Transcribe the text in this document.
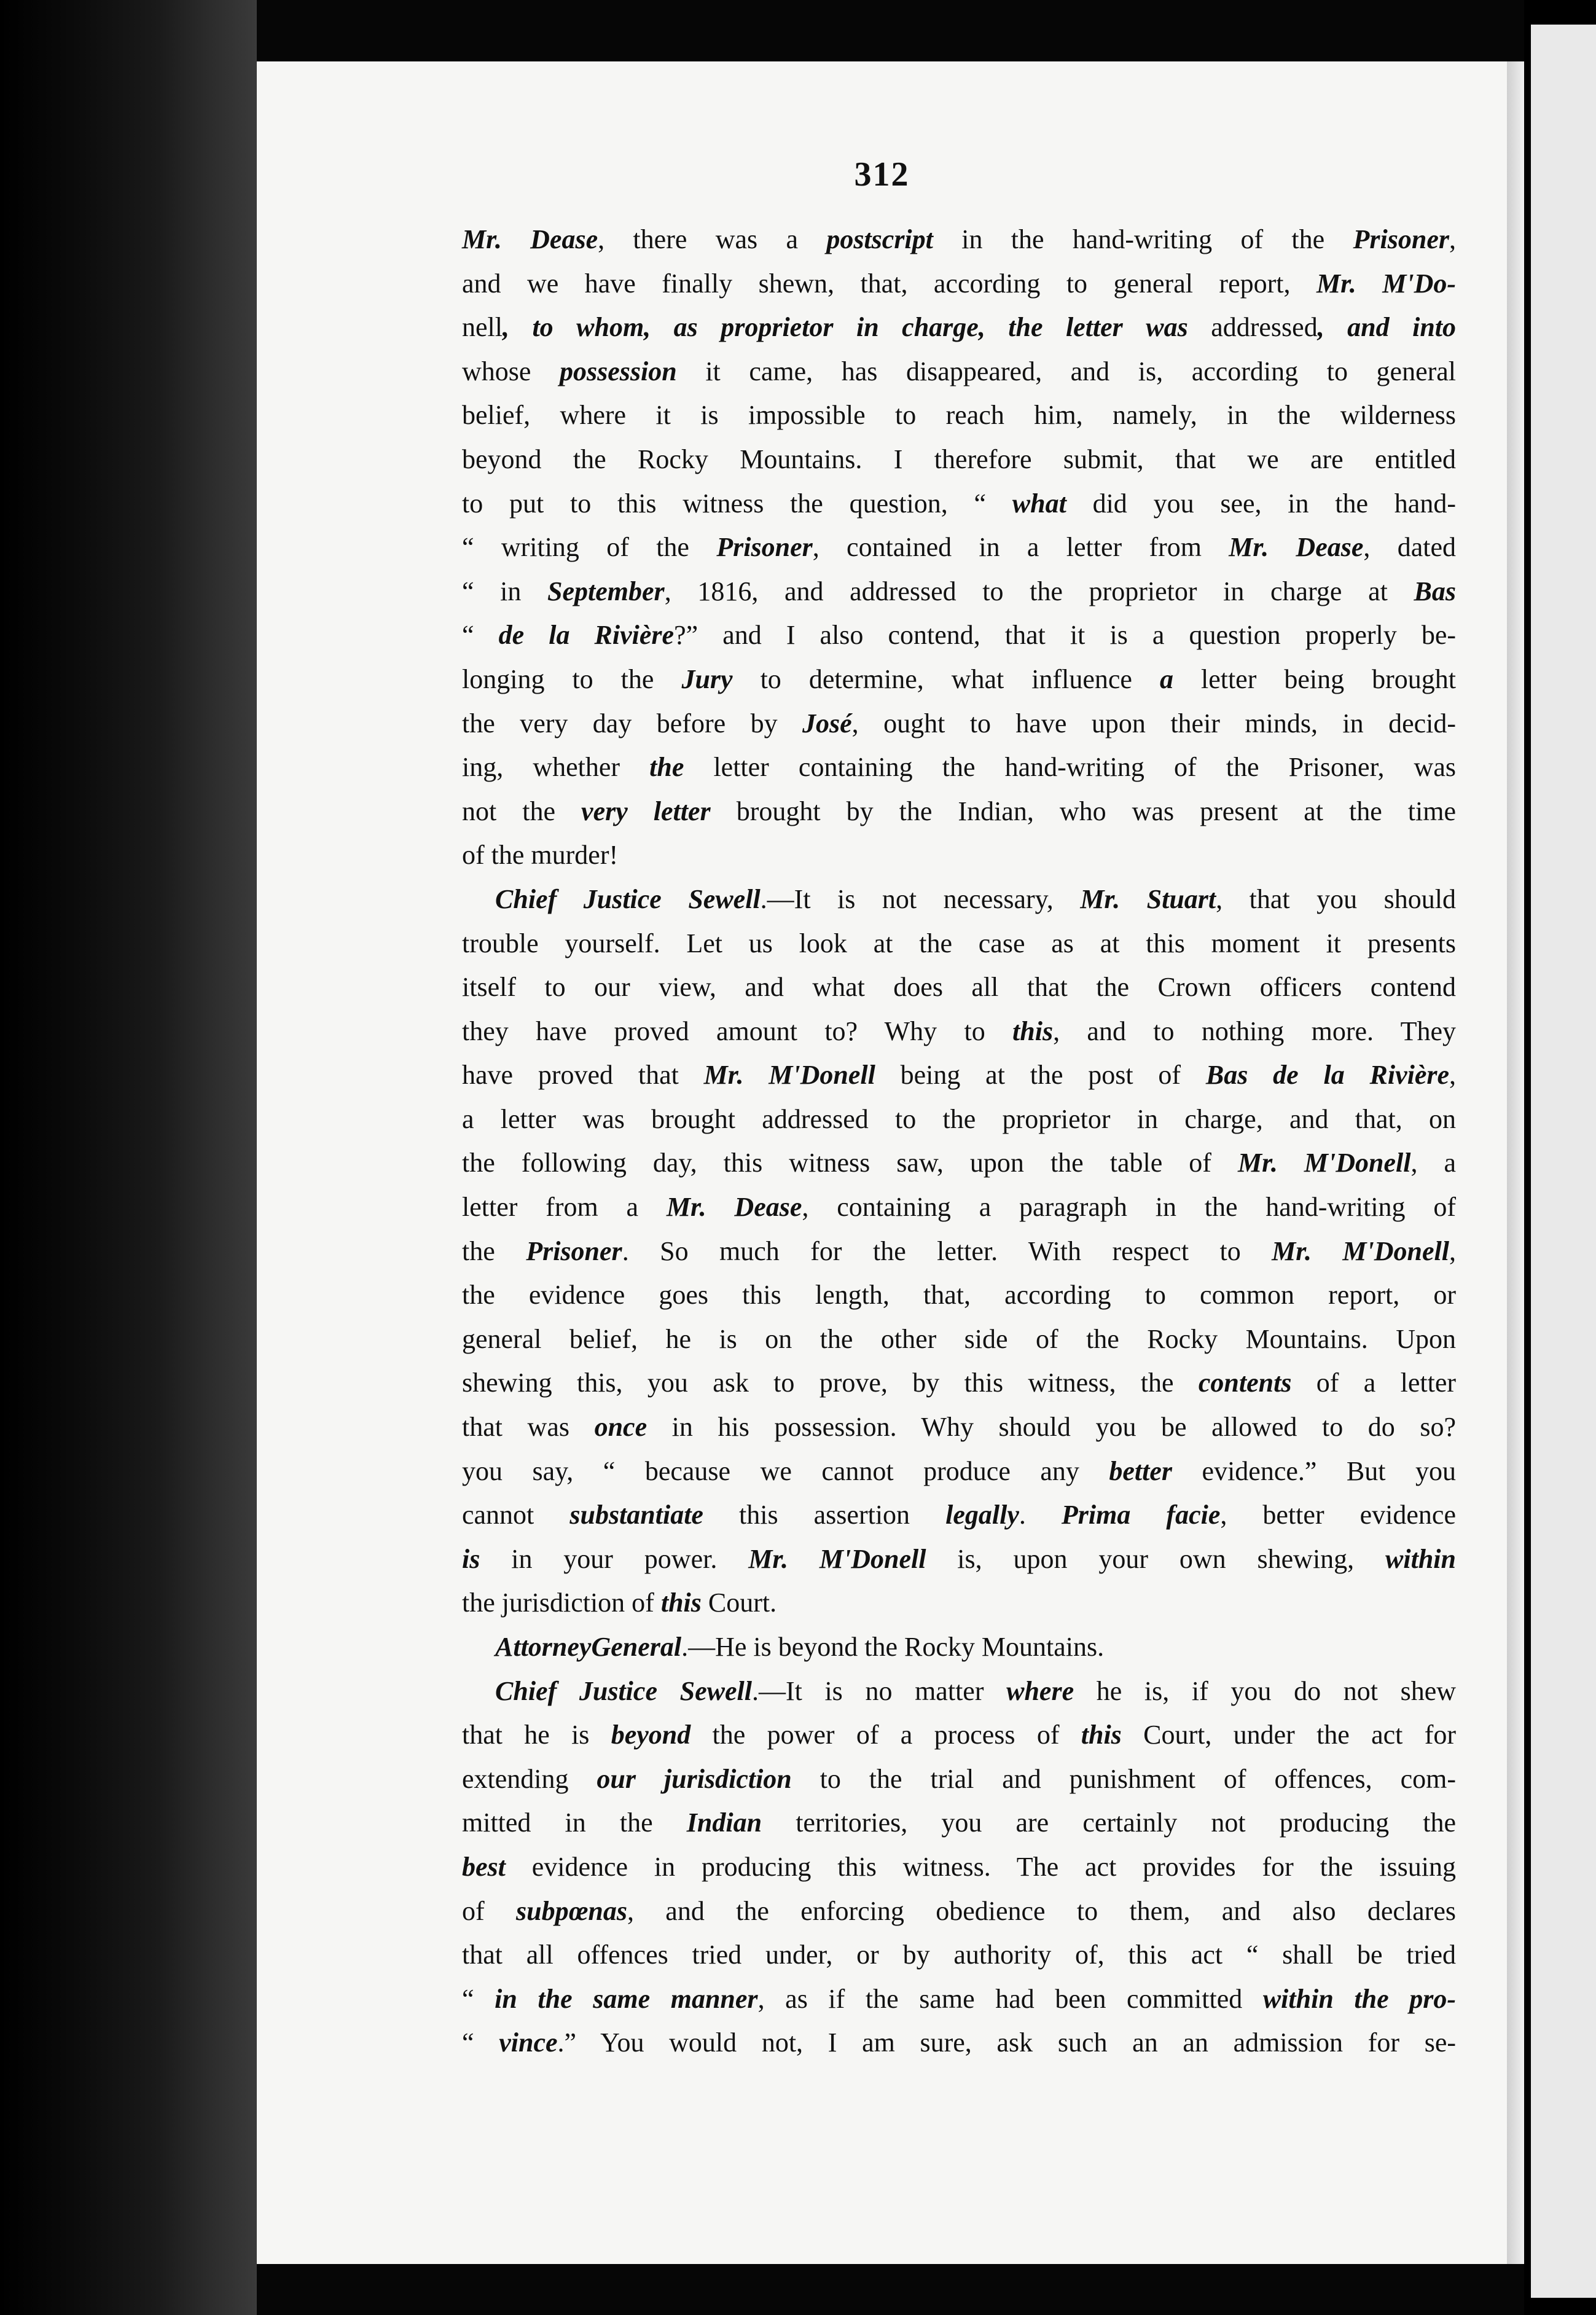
312
Mr. Dease, there was a postscript in the hand-writing of the Prisoner,
and we have finally shewn, that, according to general report, Mr. M'Do-
nell, to whom, as proprietor in charge, the letter was addressed, and into
whose possession it came, has disappeared, and is, according to general
belief, where it is impossible to reach him, namely, in the wilderness
beyond the Rocky Mountains. I therefore submit, that we are entitled
to put to this witness the question, “ what did you see, in the hand-
“ writing of the Prisoner, contained in a letter from Mr. Dease, dated
“ in September, 1816, and addressed to the proprietor in charge at Bas
“ de la Rivière?” and I also contend, that it is a question properly be-
longing to the Jury to determine, what influence a letter being brought
the very day before by José, ought to have upon their minds, in decid-
ing, whether the letter containing the hand-writing of the Prisoner, was
not the very letter brought by the Indian, who was present at the time
of the murder!
Chief Justice Sewell.—It is not necessary, Mr. Stuart, that you should
trouble yourself. Let us look at the case as at this moment it presents
itself to our view, and what does all that the Crown officers contend
they have proved amount to? Why to this, and to nothing more. They
have proved that Mr. M'Donell being at the post of Bas de la Rivière,
a letter was brought addressed to the proprietor in charge, and that, on
the following day, this witness saw, upon the table of Mr. M'Donell, a
letter from a Mr. Dease, containing a paragraph in the hand-writing of
the Prisoner. So much for the letter. With respect to Mr. M'Donell,
the evidence goes this length, that, according to common report, or
general belief, he is on the other side of the Rocky Mountains. Upon
shewing this, you ask to prove, by this witness, the contents of a letter
that was once in his possession. Why should you be allowed to do so?
you say, “ because we cannot produce any better evidence.” But you
cannot substantiate this assertion legally. Prima facie, better evidence
is in your power. Mr. M'Donell is, upon your own shewing, within
the jurisdiction of this Court.
AttorneyGeneral.—He is beyond the Rocky Mountains.
Chief Justice Sewell.—It is no matter where he is, if you do not shew
that he is beyond the power of a process of this Court, under the act for
extending our jurisdiction to the trial and punishment of offences, com-
mitted in the Indian territories, you are certainly not producing the
best evidence in producing this witness. The act provides for the issuing
of subpœnas, and the enforcing obedience to them, and also declares
that all offences tried under, or by authority of, this act “ shall be tried
“ in the same manner, as if the same had been committed within the pro-
“ vince.” You would not, I am sure, ask such an an admission for se-
